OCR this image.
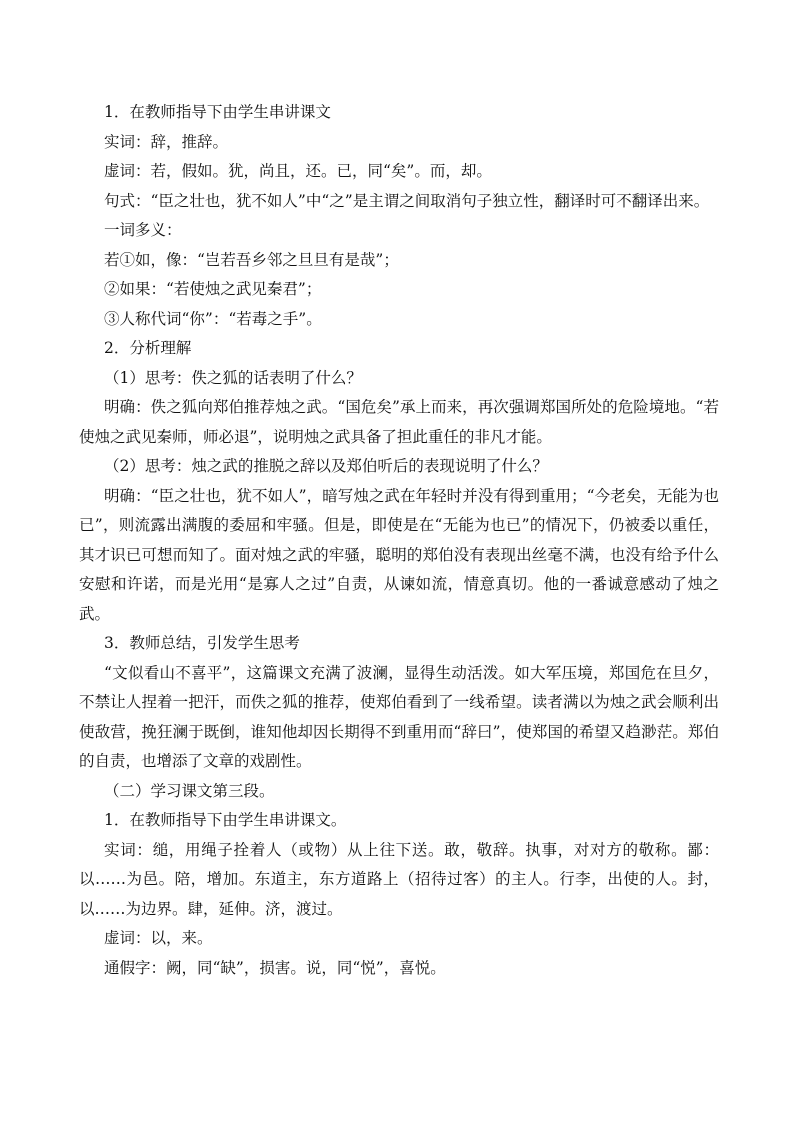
1．在教师指导下由学生串讲课文

实词：辞，推辞。

虚词：若，假如。犹，尚且，还。已，同“矣”。而，却。

句式：“臣之壮也，犹不如人”中“之”是主谓之间取消句子独立性，翻译时可不翻译出来。

一词多义：

若①如，像：“岂若吾乡邻之旦旦有是哉”；

②如果：“若使烛之武见秦君”；

③人称代词“你”：“若毒之手”。

2．分析理解

（1）思考：佚之狐的话表明了什么？

明确：佚之狐向郑伯推荐烛之武。“国危矣”承上而来，再次强调郑国所处的危险境地。“若使烛之武见秦师，师必退”，说明烛之武具备了担此重任的非凡才能。

（2）思考：烛之武的推脱之辞以及郑伯听后的表现说明了什么？

明确：“臣之壮也，犹不如人”，暗写烛之武在年轻时并没有得到重用；“今老矣，无能为也已”，则流露出满腹的委屈和牢骚。但是，即使是在“无能为也已”的情况下，仍被委以重任，其才识已可想而知了。面对烛之武的牢骚，聪明的郑伯没有表现出丝毫不满，也没有给予什么安慰和许诺，而是光用“是寡人之过”自责，从谏如流，情意真切。他的一番诚意感动了烛之武。

3．教师总结，引发学生思考

“文似看山不喜平”，这篇课文充满了波澜，显得生动活泼。如大军压境，郑国危在旦夕，不禁让人捏着一把汗，而佚之狐的推荐，使郑伯看到了一线希望。读者满以为烛之武会顺利出使敌营，挽狂澜于既倒，谁知他却因长期得不到重用而“辞曰”，使郑国的希望又趋渺茫。郑伯的自责，也增添了文章的戏剧性。

（二）学习课文第三段。

1．在教师指导下由学生串讲课文。

实词：缒，用绳子拴着人（或物）从上往下送。敢，敬辞。执事，对对方的敬称。鄙：以……为邑。陪，增加。东道主，东方道路上（招待过客）的主人。行李，出使的人。封，以……为边界。肆，延伸。济，渡过。

虚词：以，来。

通假字：阙，同“缺”，损害。说，同“悦”，喜悦。
